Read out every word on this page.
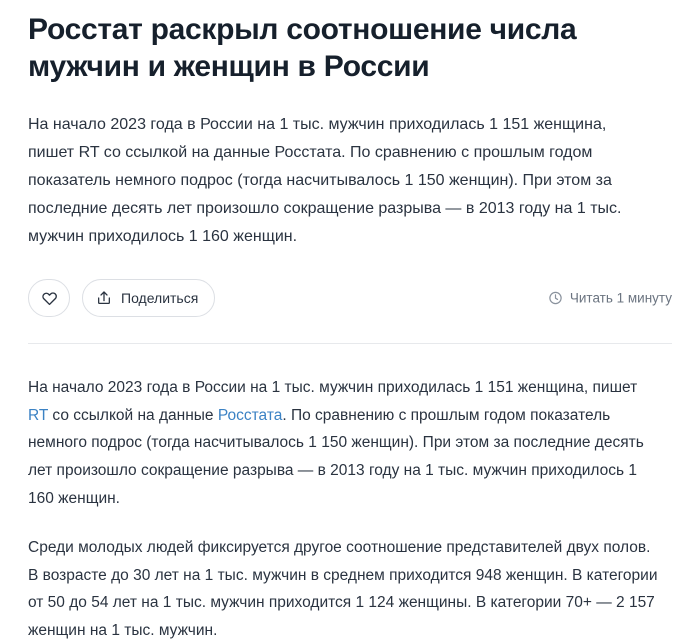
Росстат раскрыл соотношение числа мужчин и женщин в России

На начало 2023 года в России на 1 тыс. мужчин приходилась 1 151 женщина, пишет RT со ссылкой на данные Росстата. По сравнению с прошлым годом показатель немного подрос (тогда насчитывалось 1 150 женщин). При этом за последние десять лет произошло сокращение разрыва — в 2013 году на 1 тыс. мужчин приходилось 1 160 женщин.

Поделиться	Читать 1 минуту

На начало 2023 года в России на 1 тыс. мужчин приходилась 1 151 женщина, пишет RT со ссылкой на данные Росстата. По сравнению с прошлым годом показатель немного подрос (тогда насчитывалось 1 150 женщин). При этом за последние десять лет произошло сокращение разрыва — в 2013 году на 1 тыс. мужчин приходилось 1 160 женщин.

Среди молодых людей фиксируется другое соотношение представителей двух полов. В возрасте до 30 лет на 1 тыс. мужчин в среднем приходится 948 женщин. В категории от 50 до 54 лет на 1 тыс. мужчин приходится 1 124 женщины. В категории 70+ — 2 157 женщин на 1 тыс. мужчин.
